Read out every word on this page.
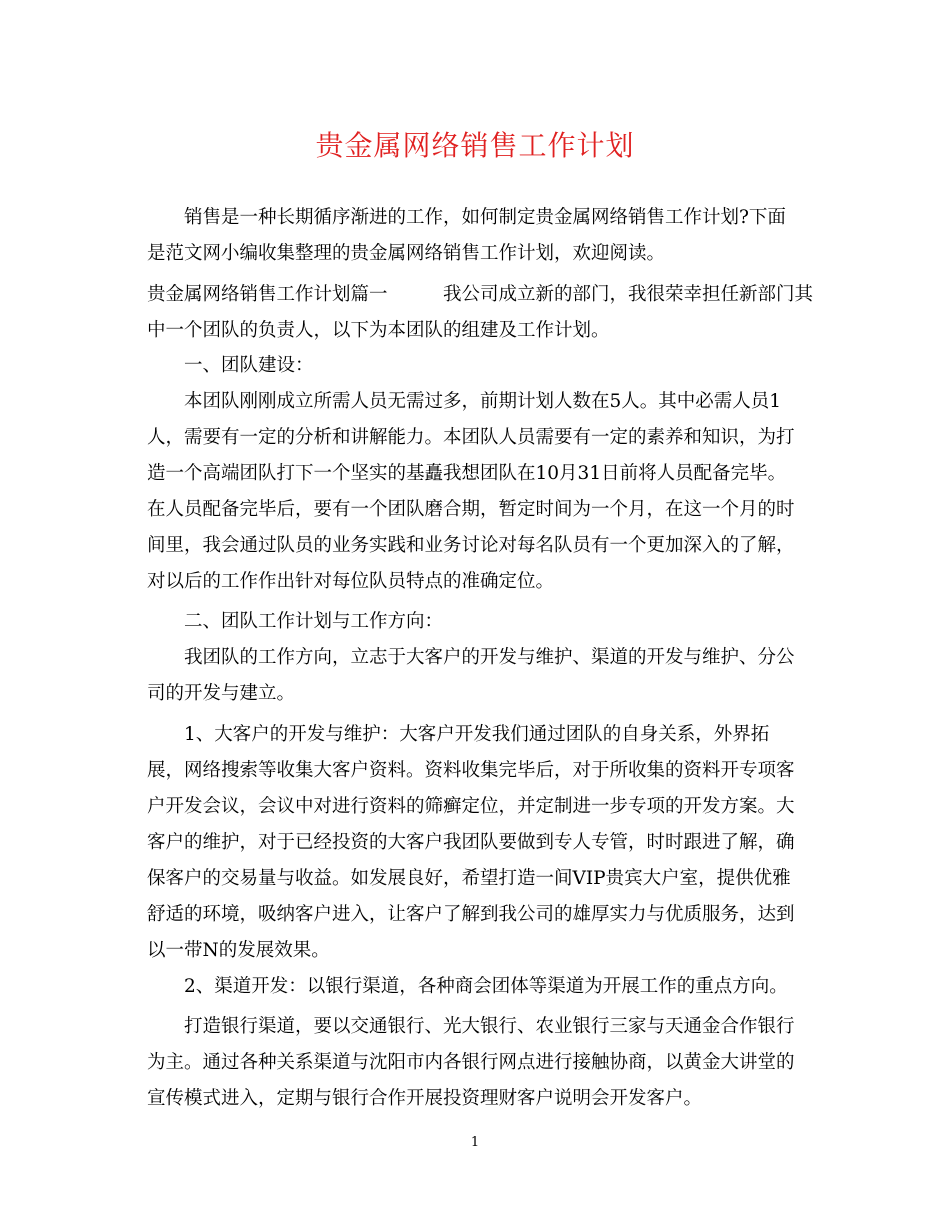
贵金属网络销售工作计划
　　销售是一种长期循序渐进的工作，如何制定贵金属网络销售工作计划?下面
是范文网小编收集整理的贵金属网络销售工作计划，欢迎阅读。
贵金属网络销售工作计划篇一　　　我公司成立新的部门，我很荣幸担任新部门其
中一个团队的负责人，以下为本团队的组建及工作计划。
　　一、团队建设：
　　本团队刚刚成立所需人员无需过多，前期计划人数在5人。其中必需人员1
人，需要有一定的分析和讲解能力。本团队人员需要有一定的素养和知识，为打
造一个高端团队打下一个坚实的基矗我想团队在10月31日前将人员配备完毕。
在人员配备完毕后，要有一个团队磨合期，暂定时间为一个月，在这一个月的时
间里，我会通过队员的业务实践和业务讨论对每名队员有一个更加深入的了解，
对以后的工作作出针对每位队员特点的准确定位。
　　二、团队工作计划与工作方向：
　　我团队的工作方向，立志于大客户的开发与维护、渠道的开发与维护、分公
司的开发与建立。
　　1、大客户的开发与维护：大客户开发我们通过团队的自身关系，外界拓
展，网络搜索等收集大客户资料。资料收集完毕后，对于所收集的资料开专项客
户开发会议，会议中对进行资料的筛癣定位，并定制进一步专项的开发方案。大
客户的维护，对于已经投资的大客户我团队要做到专人专管，时时跟进了解，确
保客户的交易量与收益。如发展良好，希望打造一间VIP贵宾大户室，提供优雅
舒适的环境，吸纳客户进入，让客户了解到我公司的雄厚实力与优质服务，达到
以一带N的发展效果。
　　2、渠道开发：以银行渠道，各种商会团体等渠道为开展工作的重点方向。
　　打造银行渠道，要以交通银行、光大银行、农业银行三家与天通金合作银行
为主。通过各种关系渠道与沈阳市内各银行网点进行接触协商，以黄金大讲堂的
宣传模式进入，定期与银行合作开展投资理财客户说明会开发客户。
1
